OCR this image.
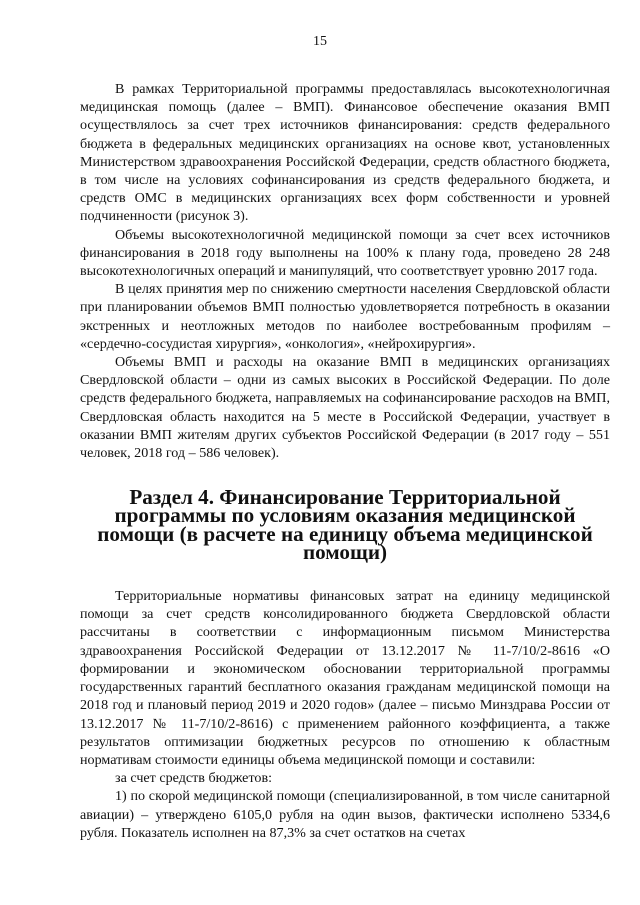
15

В рамках Территориальной программы предоставлялась высокотехнологичная медицинская помощь (далее – ВМП). Финансовое обеспечение оказания ВМП осуществлялось за счет трех источников финансирования: средств федерального бюджета в федеральных медицинских организациях на основе квот, установленных Министерством здравоохранения Российской Федерации, средств областного бюджета, в том числе на условиях софинансирования из средств федерального бюджета, и средств ОМС в медицинских организациях всех форм собственности и уровней подчиненности (рисунок 3).

Объемы высокотехнологичной медицинской помощи за счет всех источников финансирования в 2018 году выполнены на 100% к плану года, проведено 28 248 высокотехнологичных операций и манипуляций, что соответствует уровню 2017 года.

В целях принятия мер по снижению смертности населения Свердловской области при планировании объемов ВМП полностью удовлетворяется потребность в оказании экстренных и неотложных методов по наиболее востребованным профилям – «сердечно-сосудистая хирургия», «онкология», «нейрохирургия».

Объемы ВМП и расходы на оказание ВМП в медицинских организациях Свердловской области – одни из самых высоких в Российской Федерации. По доле средств федерального бюджета, направляемых на софинансирование расходов на ВМП, Свердловская область находится на 5 месте в Российской Федерации, участвует в оказании ВМП жителям других субъектов Российской Федерации (в 2017 году – 551 человек, 2018 год – 586 человек).

Раздел 4. Финансирование Территориальной программы по условиям оказания медицинской помощи (в расчете на единицу объема медицинской помощи)

Территориальные нормативы финансовых затрат на единицу медицинской помощи за счет средств консолидированного бюджета Свердловской области рассчитаны в соответствии с информационным письмом Министерства здравоохранения Российской Федерации от 13.12.2017 № 11-7/10/2-8616 «О формировании и экономическом обосновании территориальной программы государственных гарантий бесплатного оказания гражданам медицинской помощи на 2018 год и плановый период 2019 и 2020 годов» (далее – письмо Минздрава России от 13.12.2017 № 11-7/10/2-8616) с применением районного коэффициента, а также результатов оптимизации бюджетных ресурсов по отношению к областным нормативам стоимости единицы объема медицинской помощи и составили:

за счет средств бюджетов:

1) по скорой медицинской помощи (специализированной, в том числе санитарной авиации) – утверждено 6105,0 рубля на один вызов, фактически исполнено 5334,6 рубля. Показатель исполнен на 87,3% за счет остатков на счетах
